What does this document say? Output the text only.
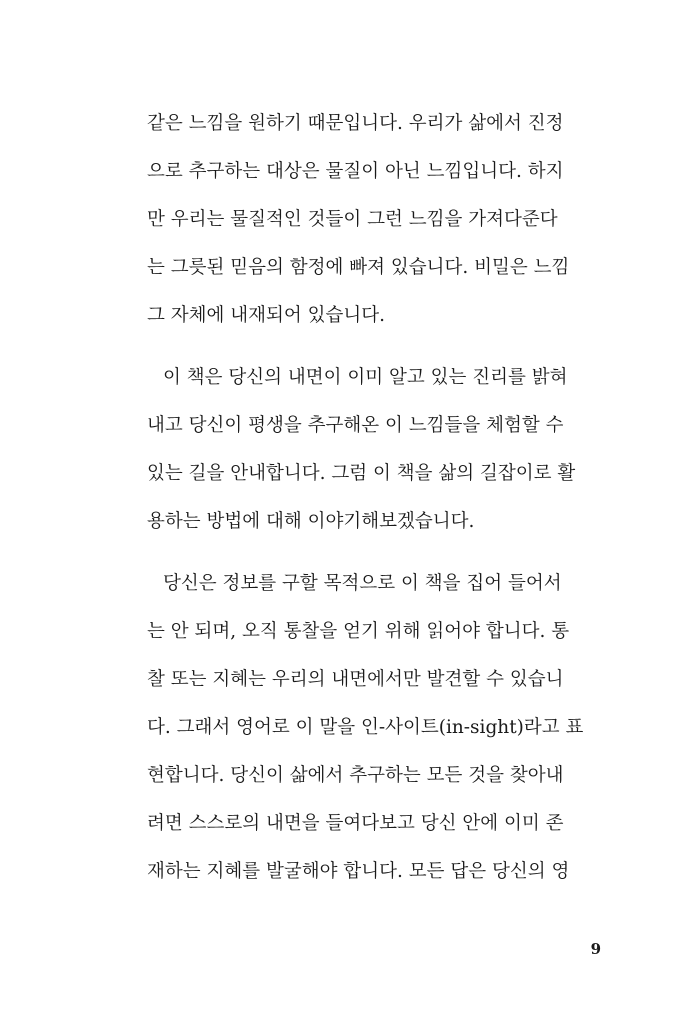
같은 느낌을 원하기 때문입니다. 우리가 삶에서 진정
으로 추구하는 대상은 물질이 아닌 느낌입니다. 하지
만 우리는 물질적인 것들이 그런 느낌을 가져다준다
는 그릇된 믿음의 함정에 빠져 있습니다. 비밀은 느낌
그 자체에 내재되어 있습니다.
이 책은 당신의 내면이 이미 알고 있는 진리를 밝혀
내고 당신이 평생을 추구해온 이 느낌들을 체험할 수
있는 길을 안내합니다. 그럼 이 책을 삶의 길잡이로 활
용하는 방법에 대해 이야기해보겠습니다.
당신은 정보를 구할 목적으로 이 책을 집어 들어서
는 안 되며, 오직 통찰을 얻기 위해 읽어야 합니다. 통
찰 또는 지혜는 우리의 내면에서만 발견할 수 있습니
다. 그래서 영어로 이 말을 인-사이트(in-sight)라고 표
현합니다. 당신이 삶에서 추구하는 모든 것을 찾아내
려면 스스로의 내면을 들여다보고 당신 안에 이미 존
재하는 지혜를 발굴해야 합니다. 모든 답은 당신의 영
9
